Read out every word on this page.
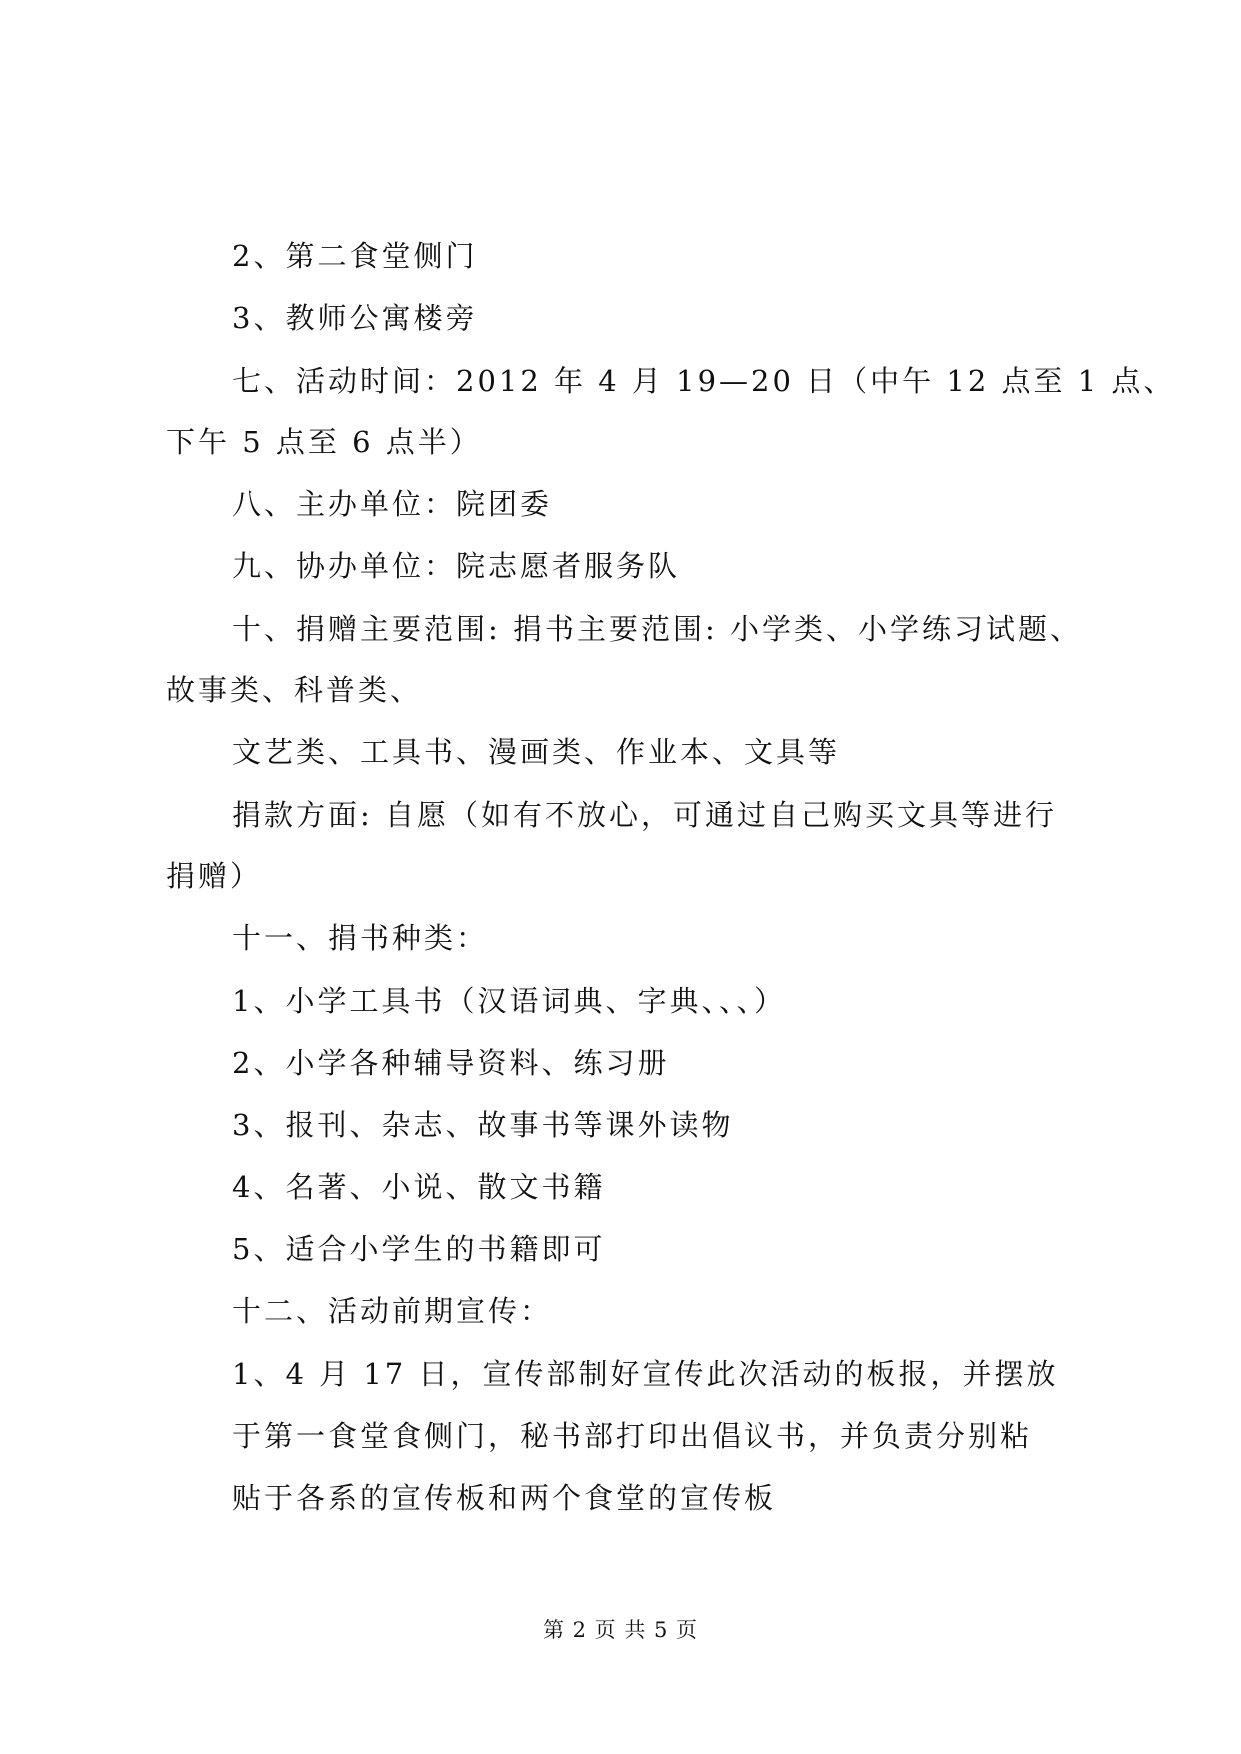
2、第二食堂侧门

3、教师公寓楼旁

七、活动时间：2012 年 4 月 19—20 日（中午 12 点至 1 点、

下午 5 点至 6 点半）

八、主办单位：院团委

九、协办单位：院志愿者服务队

十、捐赠主要范围: 捐书主要范围: 小学类、小学练习试题、

故事类、科普类、

文艺类、工具书、漫画类、作业本、文具等

捐款方面: 自愿（如有不放心，可通过自己购买文具等进行

捐赠）

十一、捐书种类：

1、小学工具书（汉语词典、字典、、、）

2、小学各种辅导资料、练习册

3、报刊、杂志、故事书等课外读物

4、名著、小说、散文书籍

5、适合小学生的书籍即可

十二、活动前期宣传：

1、4 月 17 日，宣传部制好宣传此次活动的板报，并摆放

于第一食堂食侧门，秘书部打印出倡议书，并负责分别粘

贴于各系的宣传板和两个食堂的宣传板

第 2 页 共 5 页
